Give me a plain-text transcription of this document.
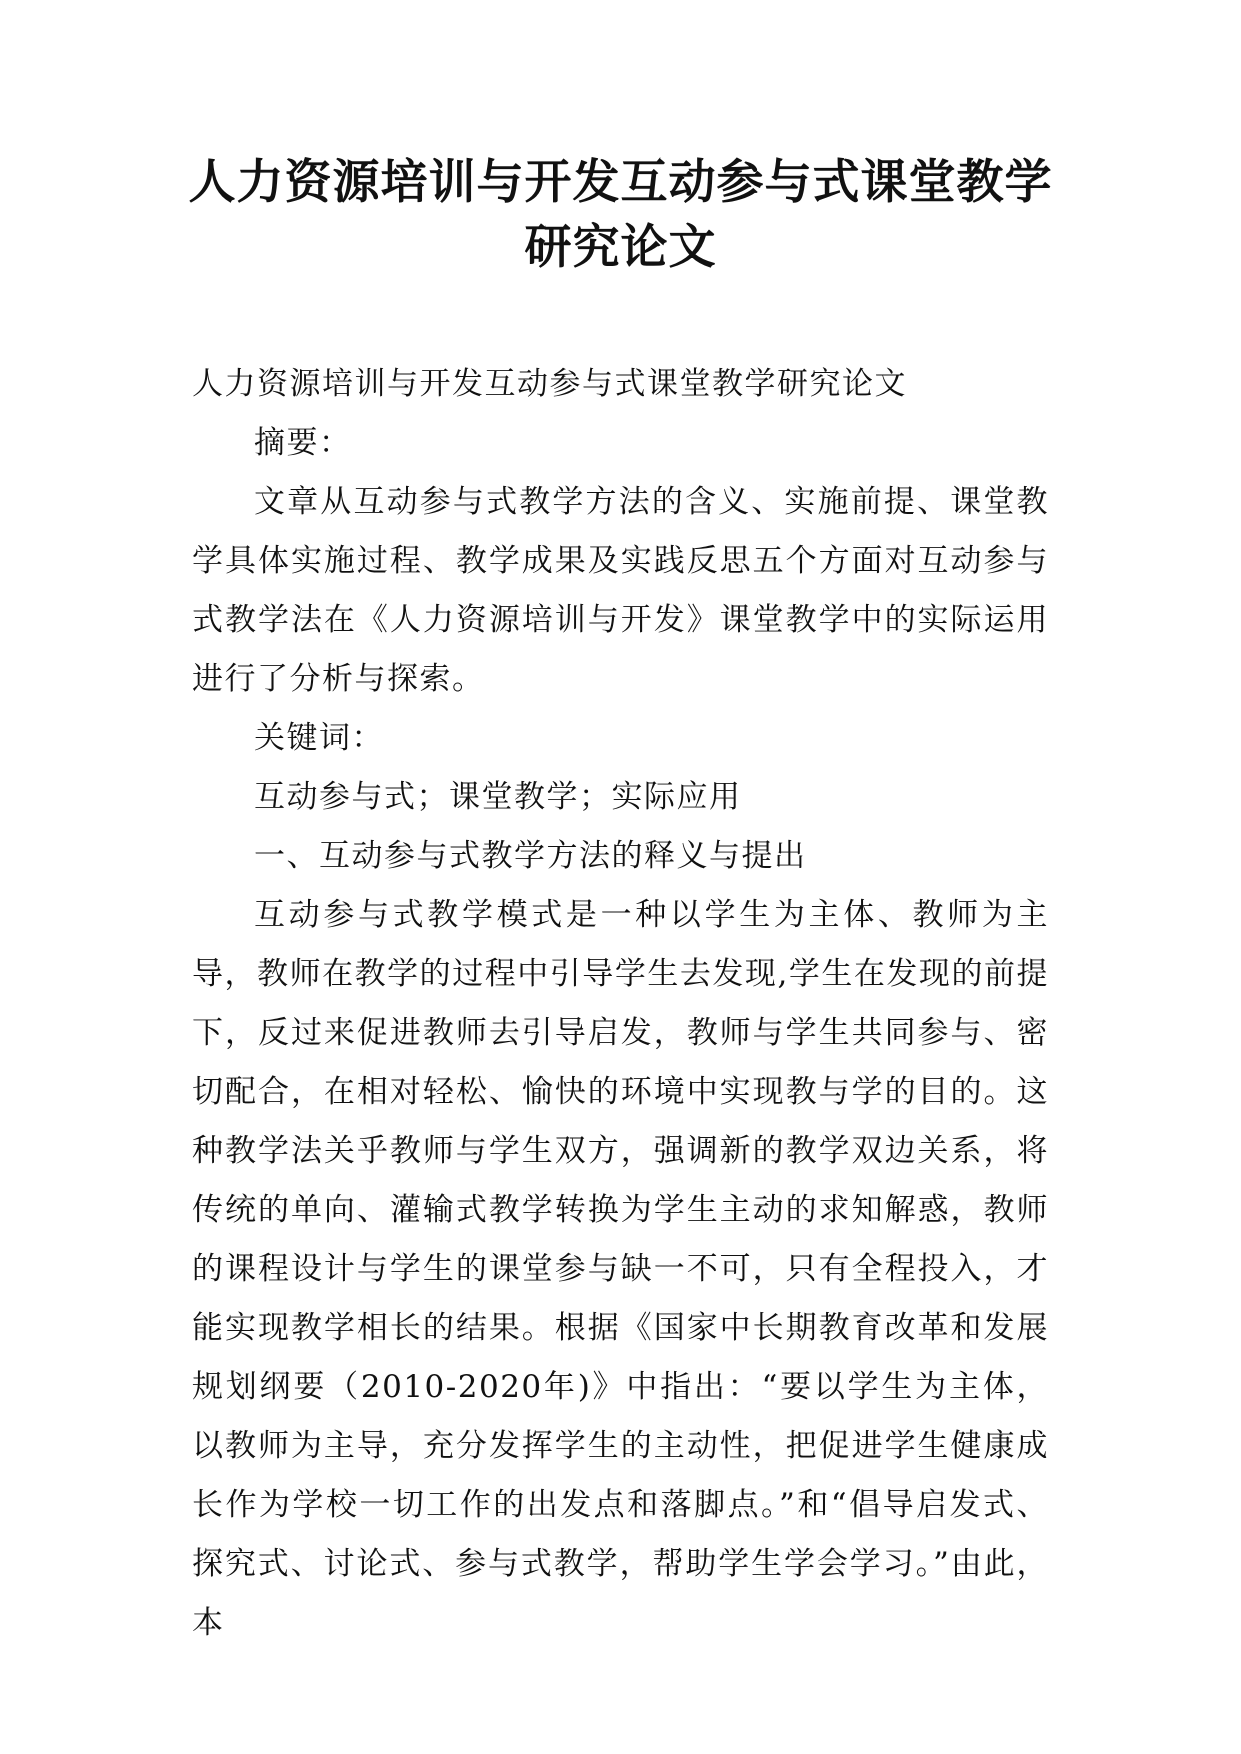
人力资源培训与开发互动参与式课堂教学
研究论文

人力资源培训与开发互动参与式课堂教学研究论文

摘要：

文章从互动参与式教学方法的含义、实施前提、课堂教学具体实施过程、教学成果及实践反思五个方面对互动参与式教学法在《人力资源培训与开发》课堂教学中的实际运用进行了分析与探索。

关键词：

互动参与式；课堂教学；实际应用

一、互动参与式教学方法的释义与提出

互动参与式教学模式是一种以学生为主体、教师为主导，教师在教学的过程中引导学生去发现,学生在发现的前提下，反过来促进教师去引导启发，教师与学生共同参与、密切配合，在相对轻松、愉快的环境中实现教与学的目的。这种教学法关乎教师与学生双方，强调新的教学双边关系，将传统的单向、灌输式教学转换为学生主动的求知解惑，教师的课程设计与学生的课堂参与缺一不可，只有全程投入，才能实现教学相长的结果。根据《国家中长期教育改革和发展规划纲要（2010-2020年)》中指出：“要以学生为主体，以教师为主导，充分发挥学生的主动性，把促进学生健康成长作为学校一切工作的出发点和落脚点。”和“倡导启发式、探究式、讨论式、参与式教学，帮助学生学会学习。”由此，本
